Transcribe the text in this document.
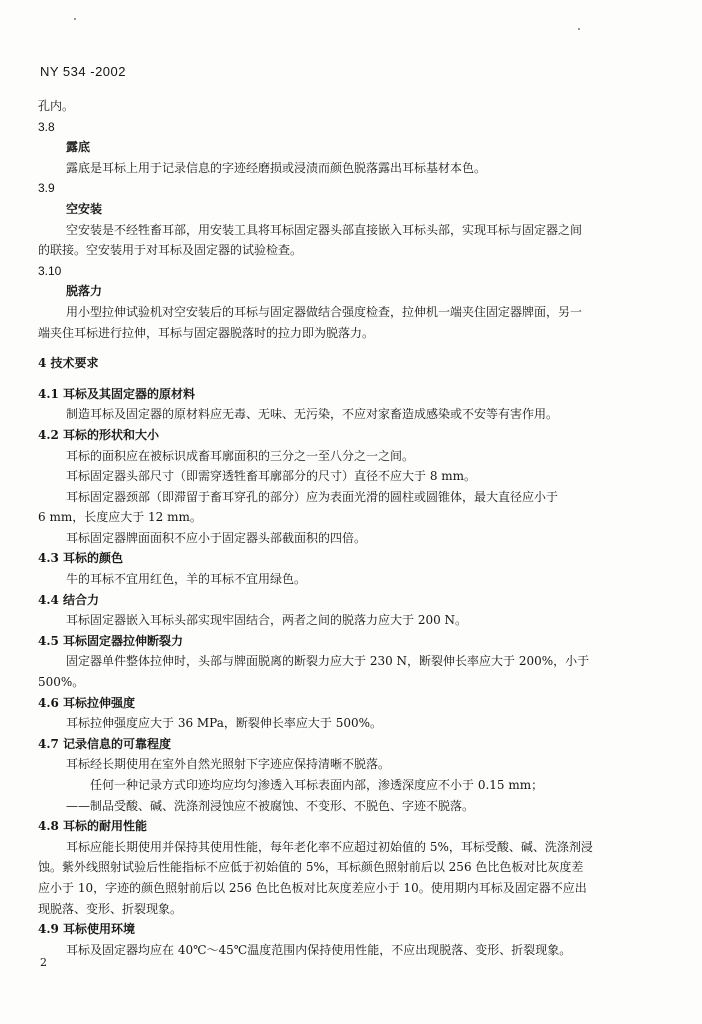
NY 534 -2002
孔内。
3.8
露底
露底是耳标上用于记录信息的字迹经磨损或浸渍而颜色脱落露出耳标基材本色。
3.9
空安装
空安装是不经牲畜耳部，用安装工具将耳标固定器头部直接嵌入耳标头部，实现耳标与固定器之间
的联接。空安装用于对耳标及固定器的试验检查。
3.10
脱落力
用小型拉伸试验机对空安装后的耳标与固定器做结合强度检查，拉伸机一端夹住固定器牌面，另一
端夹住耳标进行拉伸，耳标与固定器脱落时的拉力即为脱落力。
4 技术要求
4.1 耳标及其固定器的原材料
制造耳标及固定器的原材料应无毒、无味、无污染，不应对家畜造成感染或不安等有害作用。
4.2 耳标的形状和大小
耳标的面积应在被标识成畜耳廓面积的三分之一至八分之一之间。
耳标固定器头部尺寸（即需穿透牲畜耳廓部分的尺寸）直径不应大于 8 mm。
耳标固定器颈部（即滞留于畜耳穿孔的部分）应为表面光滑的圆柱或圆锥体，最大直径应小于
6 mm，长度应大于 12 mm。
耳标固定器牌面面积不应小于固定器头部截面积的四倍。
4.3 耳标的颜色
牛的耳标不宜用红色，羊的耳标不宜用绿色。
4.4 结合力
耳标固定器嵌入耳标头部实现牢固结合，两者之间的脱落力应大于 200 N。
4.5 耳标固定器拉伸断裂力
固定器单件整体拉伸时，头部与牌面脱离的断裂力应大于 230 N，断裂伸长率应大于 200%，小于
500%。
4.6 耳标拉伸强度
耳标拉伸强度应大于 36 MPa，断裂伸长率应大于 500%。
4.7 记录信息的可靠程度
耳标经长期使用在室外自然光照射下字迹应保持清晰不脱落。
任何一种记录方式印迹均应均匀渗透入耳标表面内部，渗透深度应不小于 0.15 mm；
——制品受酸、碱、洗涤剂浸蚀应不被腐蚀、不变形、不脱色、字迹不脱落。
4.8 耳标的耐用性能
耳标应能长期使用并保持其使用性能，每年老化率不应超过初始值的 5%，耳标受酸、碱、洗涤剂浸
蚀。紫外线照射试验后性能指标不应低于初始值的 5%，耳标颜色照射前后以 256 色比色板对比灰度差
应小于 10，字迹的颜色照射前后以 256 色比色板对比灰度差应小于 10。使用期内耳标及固定器不应出
现脱落、变形、折裂现象。
4.9 耳标使用环境
耳标及固定器均应在 40℃～45℃温度范围内保持使用性能，不应出现脱落、变形、折裂现象。
2
